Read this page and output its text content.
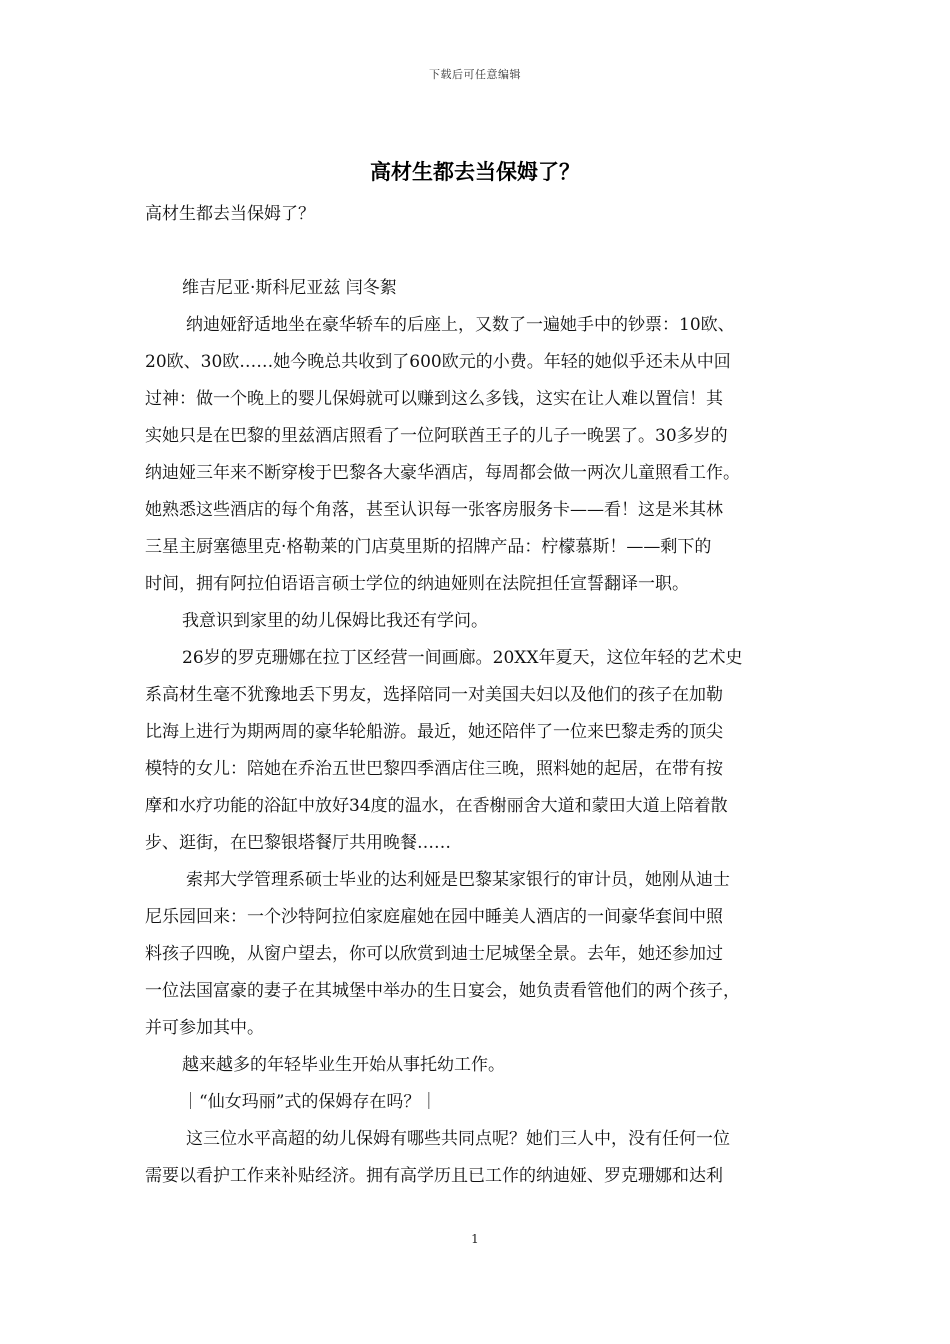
下载后可任意编辑
高材生都去当保姆了？
高材生都去当保姆了？
维吉尼亚·斯科尼亚兹 闫冬絮
纳迪娅舒适地坐在豪华轿车的后座上，又数了一遍她手中的钞票：10欧、
20欧、30欧……她今晚总共收到了600欧元的小费。年轻的她似乎还未从中回
过神：做一个晚上的婴儿保姆就可以赚到这么多钱，这实在让人难以置信！其
实她只是在巴黎的里兹酒店照看了一位阿联酋王子的儿子一晚罢了。30多岁的
纳迪娅三年来不断穿梭于巴黎各大豪华酒店，每周都会做一两次儿童照看工作。
她熟悉这些酒店的每个角落，甚至认识每一张客房服务卡——看！这是米其林
三星主厨塞德里克·格勒莱的门店莫里斯的招牌产品：柠檬慕斯！——剩下的
时间，拥有阿拉伯语语言硕士学位的纳迪娅则在法院担任宣誓翻译一职。
我意识到家里的幼儿保姆比我还有学问。
26岁的罗克珊娜在拉丁区经营一间画廊。20XX年夏天，这位年轻的艺术史
系高材生毫不犹豫地丢下男友，选择陪同一对美国夫妇以及他们的孩子在加勒
比海上进行为期两周的豪华轮船游。最近，她还陪伴了一位来巴黎走秀的顶尖
模特的女儿：陪她在乔治五世巴黎四季酒店住三晚，照料她的起居，在带有按
摩和水疗功能的浴缸中放好34度的温水，在香榭丽舍大道和蒙田大道上陪着散
步、逛街，在巴黎银塔餐厅共用晚餐……
索邦大学管理系硕士毕业的达利娅是巴黎某家银行的审计员，她刚从迪士
尼乐园回来：一个沙特阿拉伯家庭雇她在园中睡美人酒店的一间豪华套间中照
料孩子四晚，从窗户望去，你可以欣赏到迪士尼城堡全景。去年，她还参加过
一位法国富豪的妻子在其城堡中举办的生日宴会，她负责看管他们的两个孩子，
并可参加其中。
越来越多的年轻毕业生开始从事托幼工作。
｜“仙女玛丽”式的保姆存在吗？｜
这三位水平高超的幼儿保姆有哪些共同点呢？她们三人中，没有任何一位
需要以看护工作来补贴经济。拥有高学历且已工作的纳迪娅、罗克珊娜和达利
1
